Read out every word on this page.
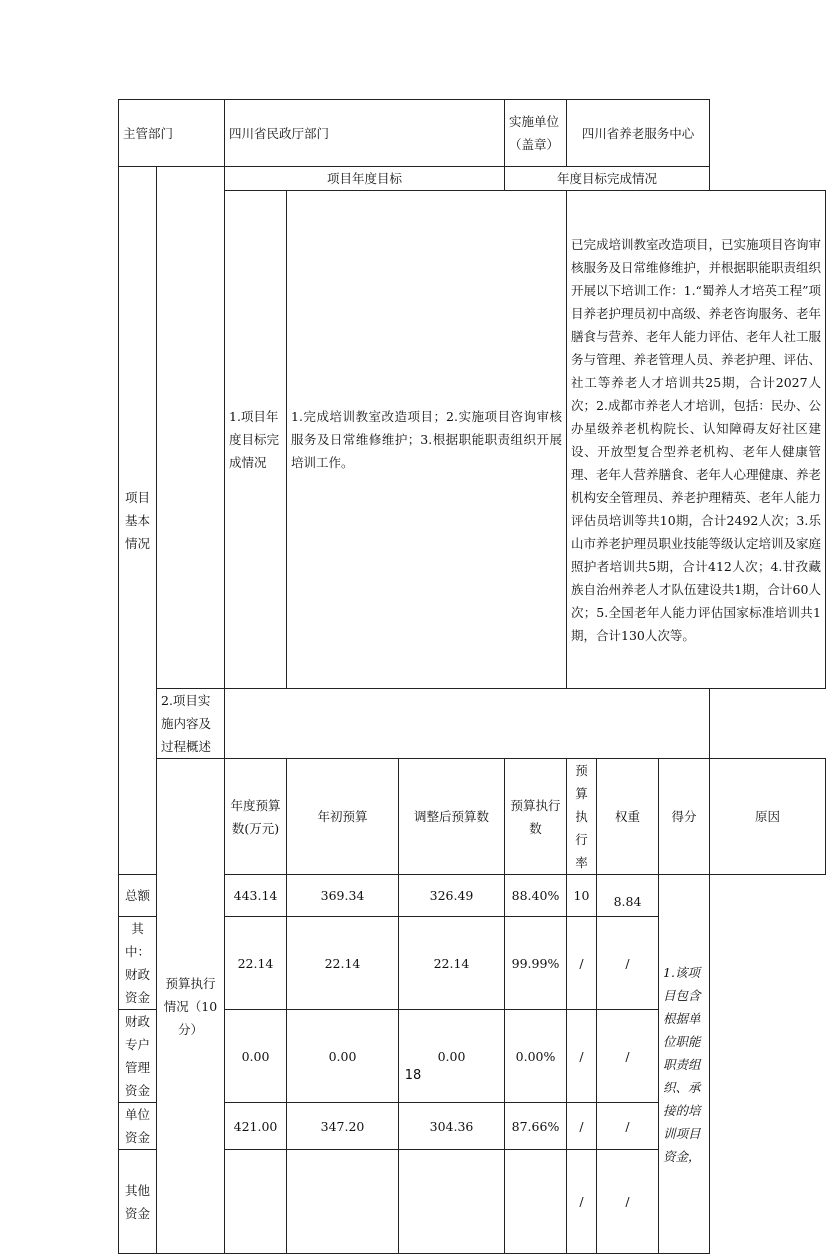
主管部门		四川省民政厅部门			实施单位（盖章）	四川省养老服务中心			
项目基本情况		项目年度目标			年度目标完成情况				
		1.项目年度目标完成情况	1.完成培训教室改造项目；2.实施项目咨询审核服务及日常维修维护；3.根据职能职责组织开展培训工作。			已完成培训教室改造项目，已实施项目咨询审核服务及日常维修维护，并根据职能职责组织开展以下培训工作：1.“蜀养人才培英工程”项目养老护理员初中高级、养老咨询服务、老年膳食与营养、老年人能力评估、老年人社工服务与管理、养老管理人员、养老护理、评估、社工等养老人才培训共25期，合计2027人次；2.成都市养老人才培训，包括：民办、公办星级养老机构院长、认知障碍友好社区建设、开放型复合型养老机构、老年人健康管理、老年人营养膳食、老年人心理健康、养老机构安全管理员、养老护理精英、老年人能力评估员培训等共10期，合计2492人次；3.乐山市养老护理员职业技能等级认定培训及家庭照护者培训共5期，合计412人次；4.甘孜藏族自治州养老人才队伍建设共1期，合计60人次；5.全国老年人能力评估国家标准培训共1期，合计130人次等。			
	2.项目实施内容及过程概述								
	预算执行情况（10分）	年度预算数(万元)	年初预算	调整后预算数	预算执行数	预算执行率	权重	得分	原因
总额		443.14	369.34	326.49	88.40%	10	8.84	1.该项目包含根据单位职能职责组织、承接的培训项目资金，	
其中：财政资金		22.14	22.14	22.14	99.99%	/	/		
财政专户管理资金		0.00	0.00	0.00	0.00%	/	/		
单位资金		421.00	347.20	304.36	87.66%	/	/		
其他资金						/	/		
18
